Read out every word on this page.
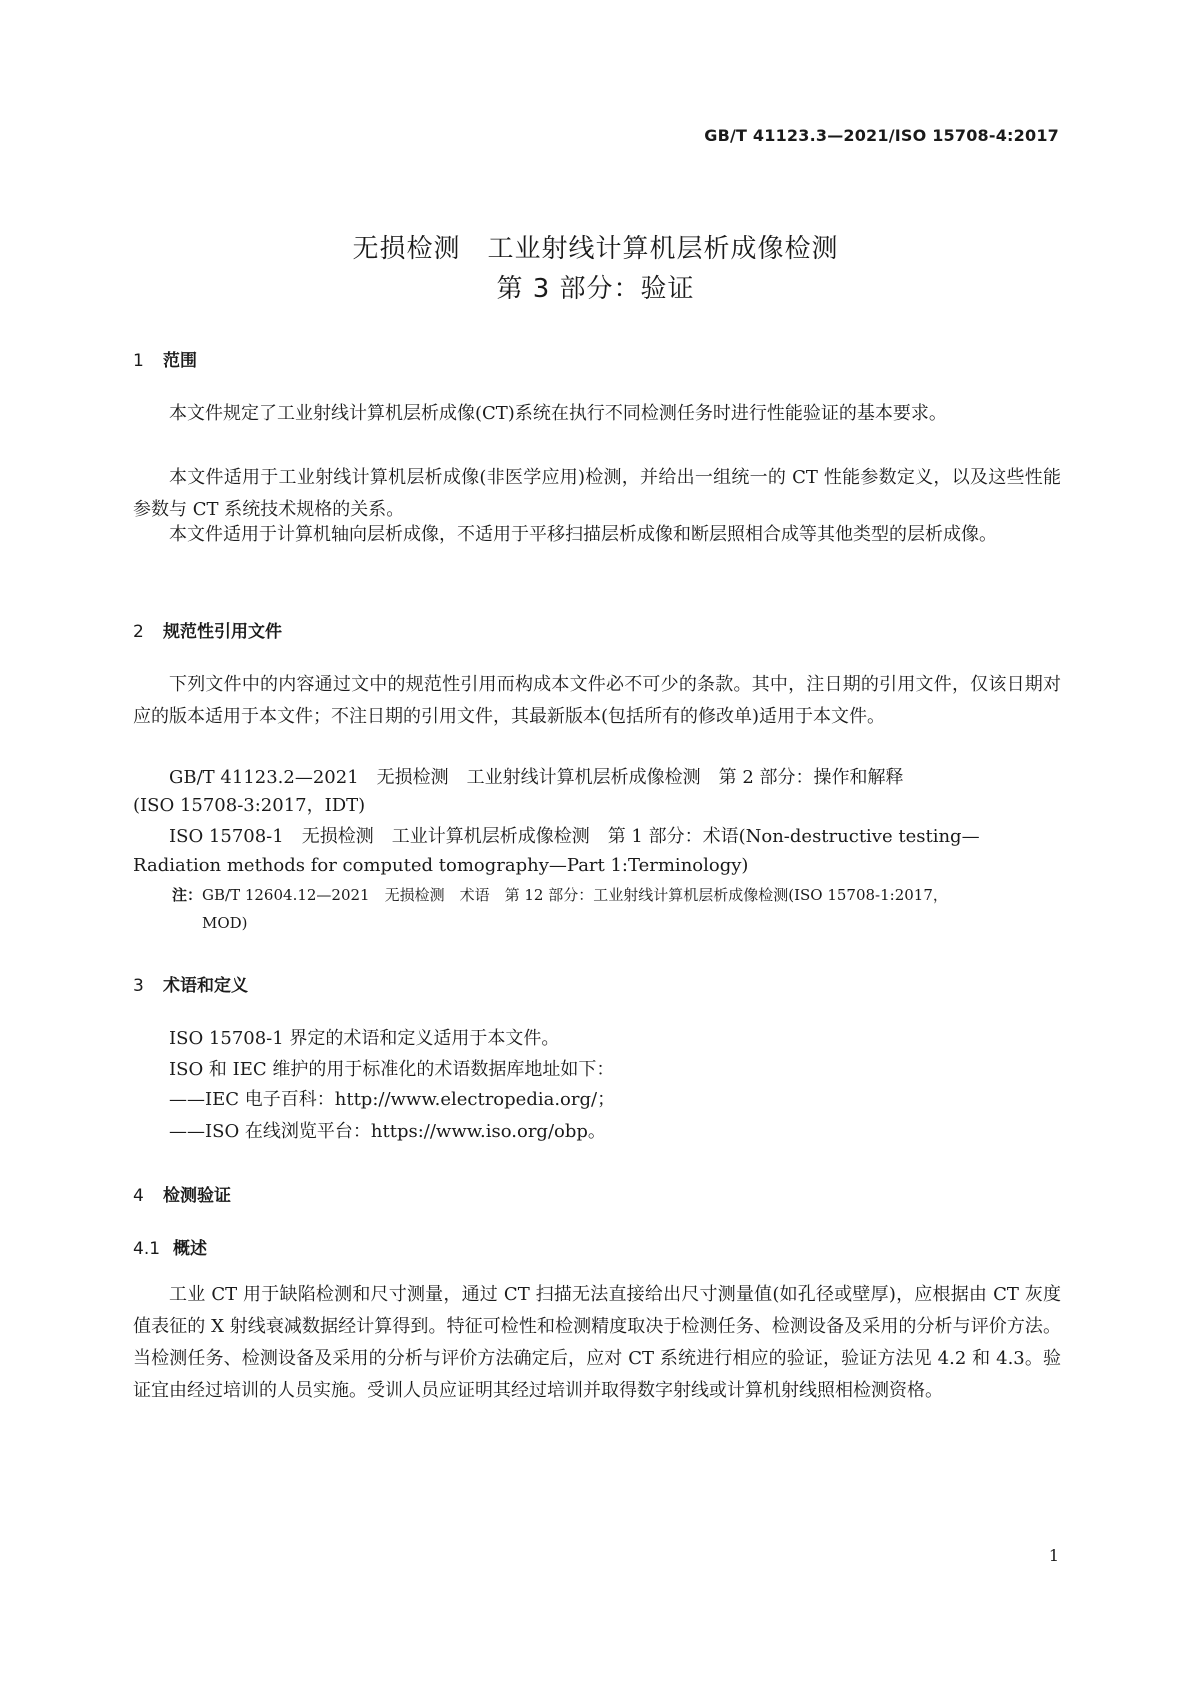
GB/T 41123.3—2021/ISO 15708-4:2017
无损检测　工业射线计算机层析成像检测
第 3 部分：验证
1 范围
本文件规定了工业射线计算机层析成像(CT)系统在执行不同检测任务时进行性能验证的基本要求。
本文件适用于工业射线计算机层析成像(非医学应用)检测，并给出一组统一的 CT 性能参数定义，以及这些性能参数与 CT 系统技术规格的关系。
本文件适用于计算机轴向层析成像，不适用于平移扫描层析成像和断层照相合成等其他类型的层析成像。
2 规范性引用文件
下列文件中的内容通过文中的规范性引用而构成本文件必不可少的条款。其中，注日期的引用文件，仅该日期对应的版本适用于本文件；不注日期的引用文件，其最新版本(包括所有的修改单)适用于本文件。
GB/T 41123.2—2021　无损检测　工业射线计算机层析成像检测　第 2 部分：操作和解释
(ISO 15708-3:2017，IDT)
ISO 15708-1　无损检测　工业计算机层析成像检测　第 1 部分：术语(Non-destructive testing—
Radiation methods for computed tomography—Part 1:Terminology)
注：GB/T 12604.12—2021　无损检测　术语　第 12 部分：工业射线计算机层析成像检测(ISO 15708-1:2017，
MOD)
3 术语和定义
ISO 15708-1 界定的术语和定义适用于本文件。
ISO 和 IEC 维护的用于标准化的术语数据库地址如下：
——IEC 电子百科：http://www.electropedia.org/；
——ISO 在线浏览平台：https://www.iso.org/obp。
4 检测验证
4.1 概述
工业 CT 用于缺陷检测和尺寸测量，通过 CT 扫描无法直接给出尺寸测量值(如孔径或壁厚)，应根据由 CT 灰度值表征的 X 射线衰减数据经计算得到。特征可检性和检测精度取决于检测任务、检测设备及采用的分析与评价方法。当检测任务、检测设备及采用的分析与评价方法确定后，应对 CT 系统进行相应的验证，验证方法见 4.2 和 4.3。验证宜由经过培训的人员实施。受训人员应证明其经过培训并取得数字射线或计算机射线照相检测资格。
1
